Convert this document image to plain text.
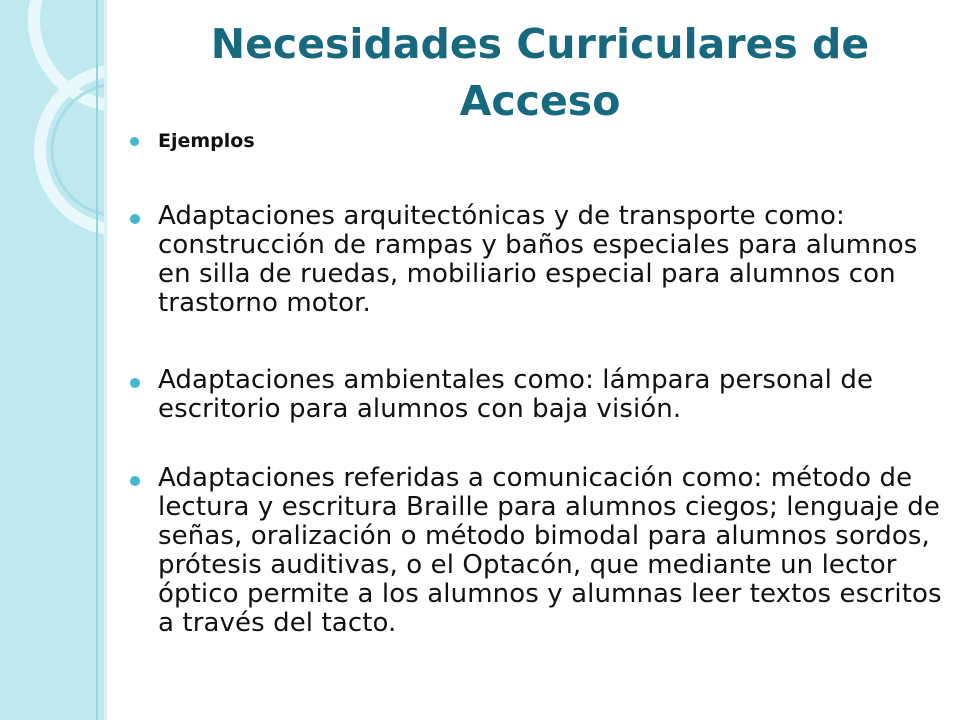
Necesidades Curriculares de Acceso
Ejemplos
Adaptaciones arquitectónicas y de transporte como: construcción de rampas y baños especiales para alumnos en silla de ruedas, mobiliario especial para alumnos con trastorno motor.
Adaptaciones ambientales como: lámpara personal de escritorio para alumnos con baja visión.
Adaptaciones referidas a comunicación como: método de lectura y escritura Braille para alumnos ciegos; lenguaje de señas, oralización o método bimodal para alumnos sordos, prótesis auditivas, o el Optacón, que mediante un lector óptico permite a los alumnos y alumnas leer textos escritos a través del tacto.
